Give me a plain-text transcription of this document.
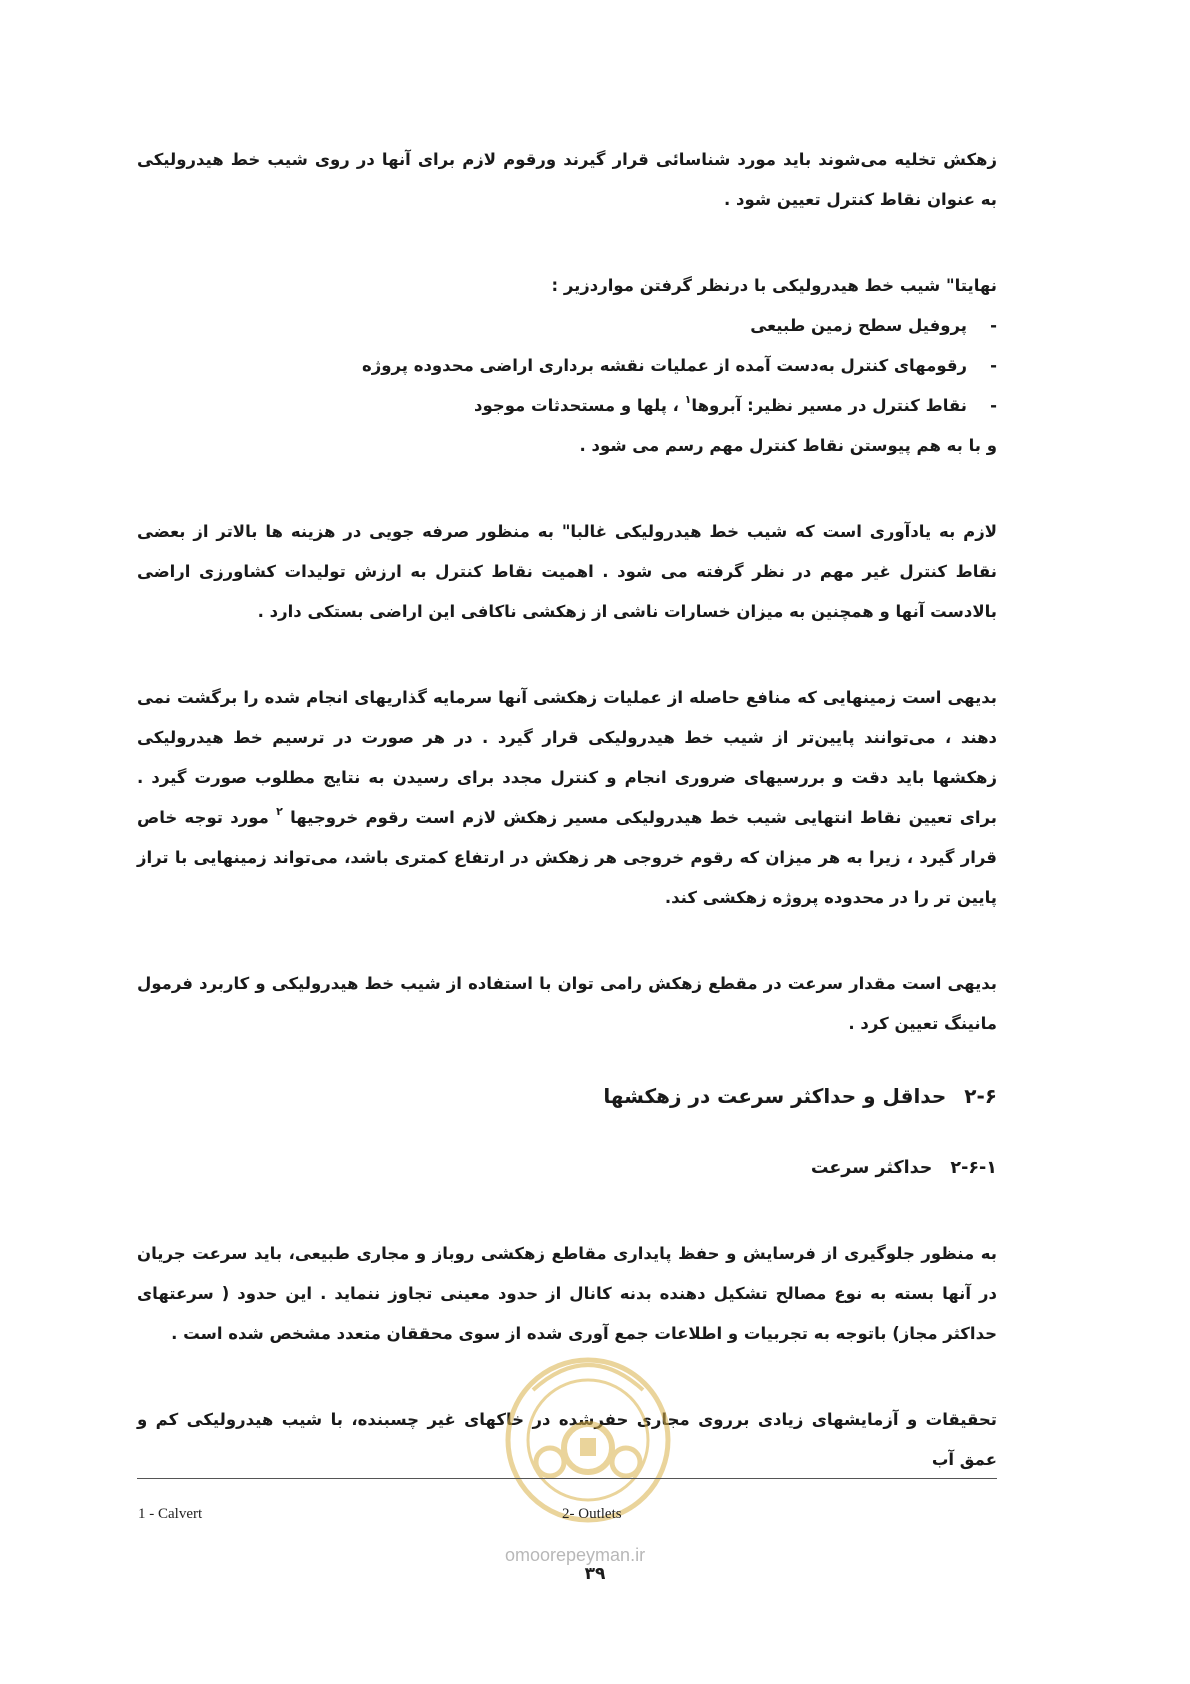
زهکش تخلیه می‌شوند باید مورد شناسائی قرار گیرند ورقوم لازم برای آنها در روی شیب خط هیدرولیکی به عنوان نقاط کنترل تعیین شود .

نهایتا" شیب خط هیدرولیکی با درنظر گرفتن مواردزیر :

-پروفیل سطح زمین طبیعی
-رقومهای کنترل به‌دست آمده از عملیات نقشه برداری اراضی محدوده پروژه
-نقاط کنترل در مسیر نظیر: آبروها$^١$ ، پلها و مستحدثات موجود

و با به هم پیوستن نقاط کنترل مهم رسم می شود .

لازم به یادآوری است که شیب خط هیدرولیکی غالبا" به منظور صرفه جویی در هزینه ها بالاتر از بعضی نقاط کنترل غیر مهم در نظر گرفته می شود . اهمیت نقاط کنترل به ارزش تولیدات کشاورزی اراضی بالادست آنها و همچنین به میزان خسارات ناشی از زهکشی ناکافی این اراضی بستکی دارد .

بدیهی است زمینهایی که منافع حاصله از عملیات زهکشی آنها سرمایه گذاریهای انجام شده را برگشت نمی دهند ، می‌توانند پایین‌تر از شیب خط هیدرولیکی قرار گیرد . در هر صورت در ترسیم خط هیدرولیکی زهکشها باید دقت و بررسیهای ضروری انجام و کنترل مجدد برای رسیدن به نتایج مطلوب صورت گیرد . برای تعیین نقاط انتهایی شیب خط هیدرولیکی مسیر زهکش لازم است رقوم خروجیها $^٢$ مورد توجه خاص قرار گیرد ، زیرا به هر میزان که رقوم خروجی هر زهکش در ارتفاع کمتری باشد، می‌تواند زمینهایی با تراز پایین تر را در محدوده پروژه زهکشی کند.

بدیهی است مقدار سرعت در مقطع زهکش رامی توان با استفاده از شیب خط هیدرولیکی و کاربرد فرمول مانینگ تعیین کرد .

۲-۶حداقل و حداکثر سرعت در زهکشها
۲-۶-۱حداکثر سرعت

به منظور جلوگیری از فرسایش و حفظ پایداری مقاطع زهکشی روباز و مجاری طبیعی، باید سرعت جریان در آنها بسته به نوع مصالح تشکیل دهنده بدنه کانال از حدود معینی تجاوز ننماید . این حدود ( سرعتهای حداکثر مجاز) باتوجه به تجربیات و اطلاعات جمع آوری شده از سوی محققان متعدد مشخص شده است .

تحقیقات و آزمایشهای زیادی برروی مجاری حفرشده در خاکهای غیر چسبنده، با شیب هیدرولیکی کم و عمق آب

omoorepeyman.ir
1 - Calvert	2- Outlets
۳۹
